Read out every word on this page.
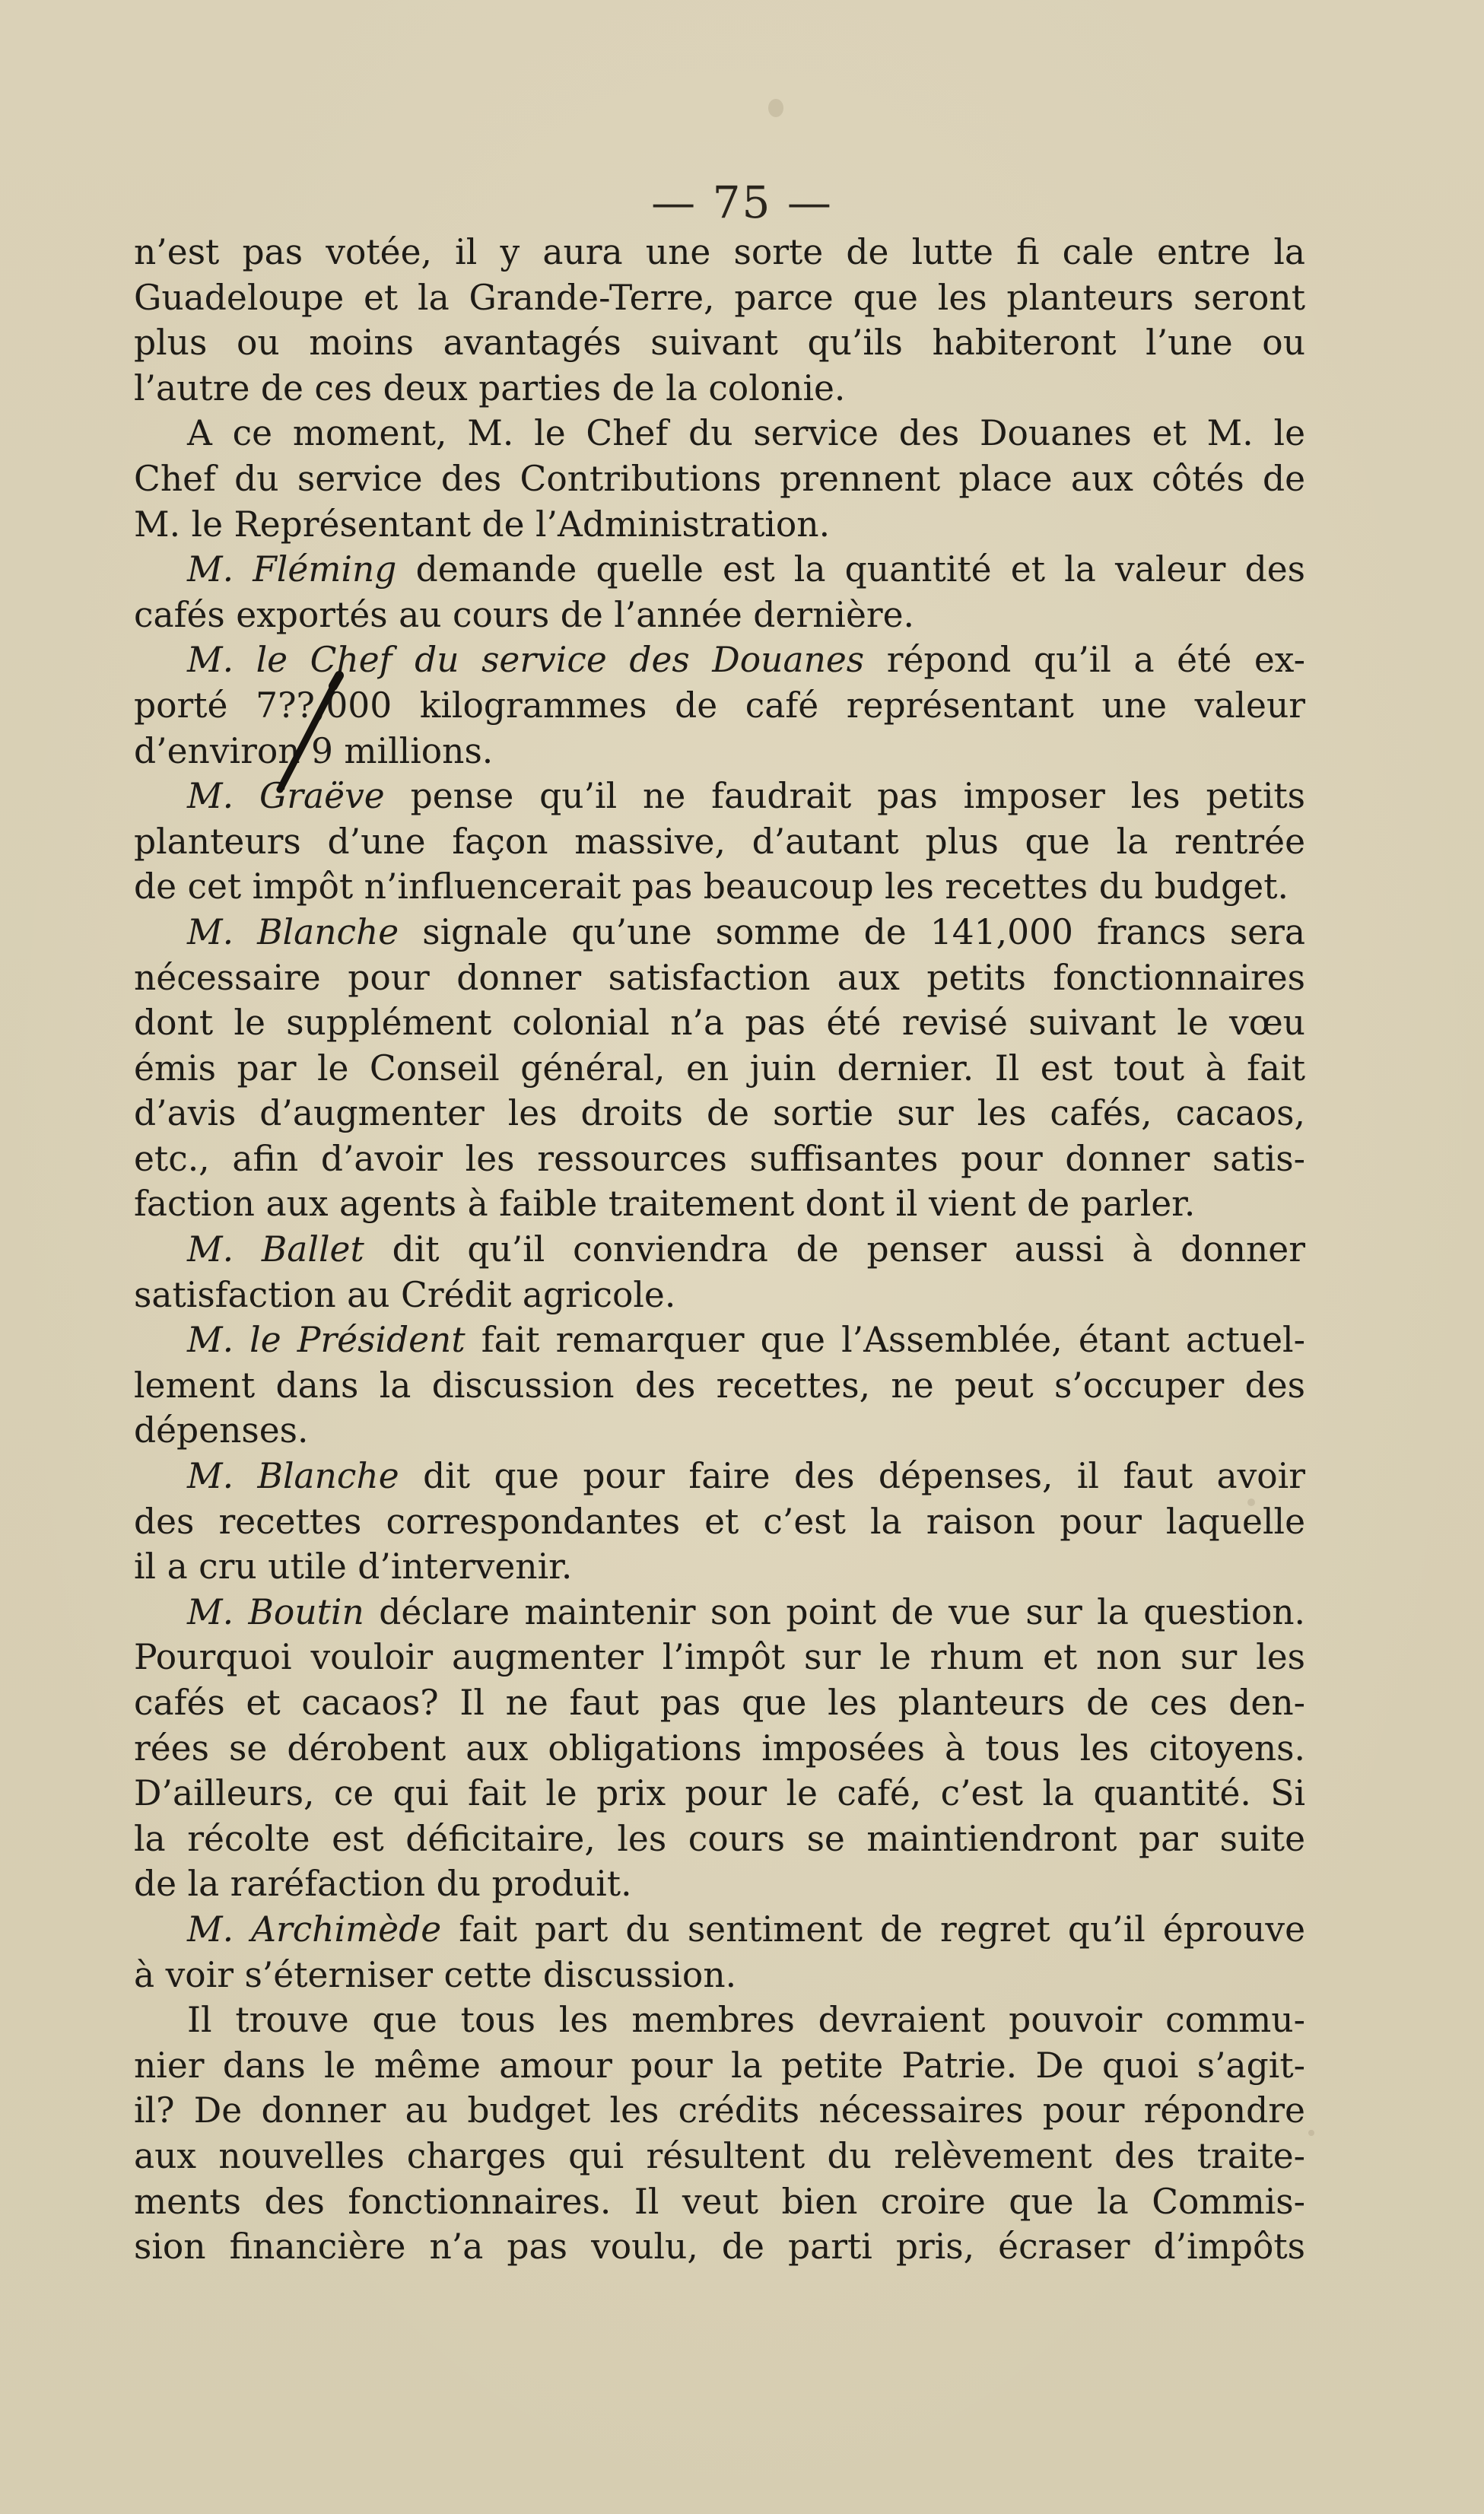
— 75 —
n’est pas votée, il y aura une sorte de lutte fi cale entre la
Guadeloupe et la Grande-Terre, parce que les planteurs seront
plus ou moins avantagés suivant qu’ils habiteront l’une ou
l’autre de ces deux parties de la colonie.
A ce moment, M. le Chef du service des Douanes et M. le
Chef du service des Contributions prennent place aux côtés de
M. le Représentant de l’Administration.
M. Fléming demande quelle est la quantité et la valeur des
cafés exportés au cours de l’année dernière.
M. le Chef du service des Douanes répond qu’il a été ex-
porté 7??,000 kilogrammes de café représentant une valeur
d’environ 9 millions.
M. Graëve pense qu’il ne faudrait pas imposer les petits
planteurs d’une façon massive, d’autant plus que la rentrée
de cet impôt n’influencerait pas beaucoup les recettes du budget.
M. Blanche signale qu’une somme de 141,000 francs sera
nécessaire pour donner satisfaction aux petits fonctionnaires
dont le supplément colonial n’a pas été revisé suivant le vœu
émis par le Conseil général, en juin dernier. Il est tout à fait
d’avis d’augmenter les droits de sortie sur les cafés, cacaos,
etc., afin d’avoir les ressources suffisantes pour donner satis-
faction aux agents à faible traitement dont il vient de parler.
M. Ballet dit qu’il conviendra de penser aussi à donner
satisfaction au Crédit agricole.
M. le Président fait remarquer que l’Assemblée, étant actuel-
lement dans la discussion des recettes, ne peut s’occuper des
dépenses.
M. Blanche dit que pour faire des dépenses, il faut avoir
des recettes correspondantes et c’est la raison pour laquelle
il a cru utile d’intervenir.
M. Boutin déclare maintenir son point de vue sur la question.
Pourquoi vouloir augmenter l’impôt sur le rhum et non sur les
cafés et cacaos? Il ne faut pas que les planteurs de ces den-
rées se dérobent aux obligations imposées à tous les citoyens.
D’ailleurs, ce qui fait le prix pour le café, c’est la quantité. Si
la récolte est déficitaire, les cours se maintiendront par suite
de la raréfaction du produit.
M. Archimède fait part du sentiment de regret qu’il éprouve
à voir s’éterniser cette discussion.
Il trouve que tous les membres devraient pouvoir commu-
nier dans le même amour pour la petite Patrie. De quoi s’agit-
il? De donner au budget les crédits nécessaires pour répondre
aux nouvelles charges qui résultent du relèvement des traite-
ments des fonctionnaires. Il veut bien croire que la Commis-
sion financière n’a pas voulu, de parti pris, écraser d’impôts
